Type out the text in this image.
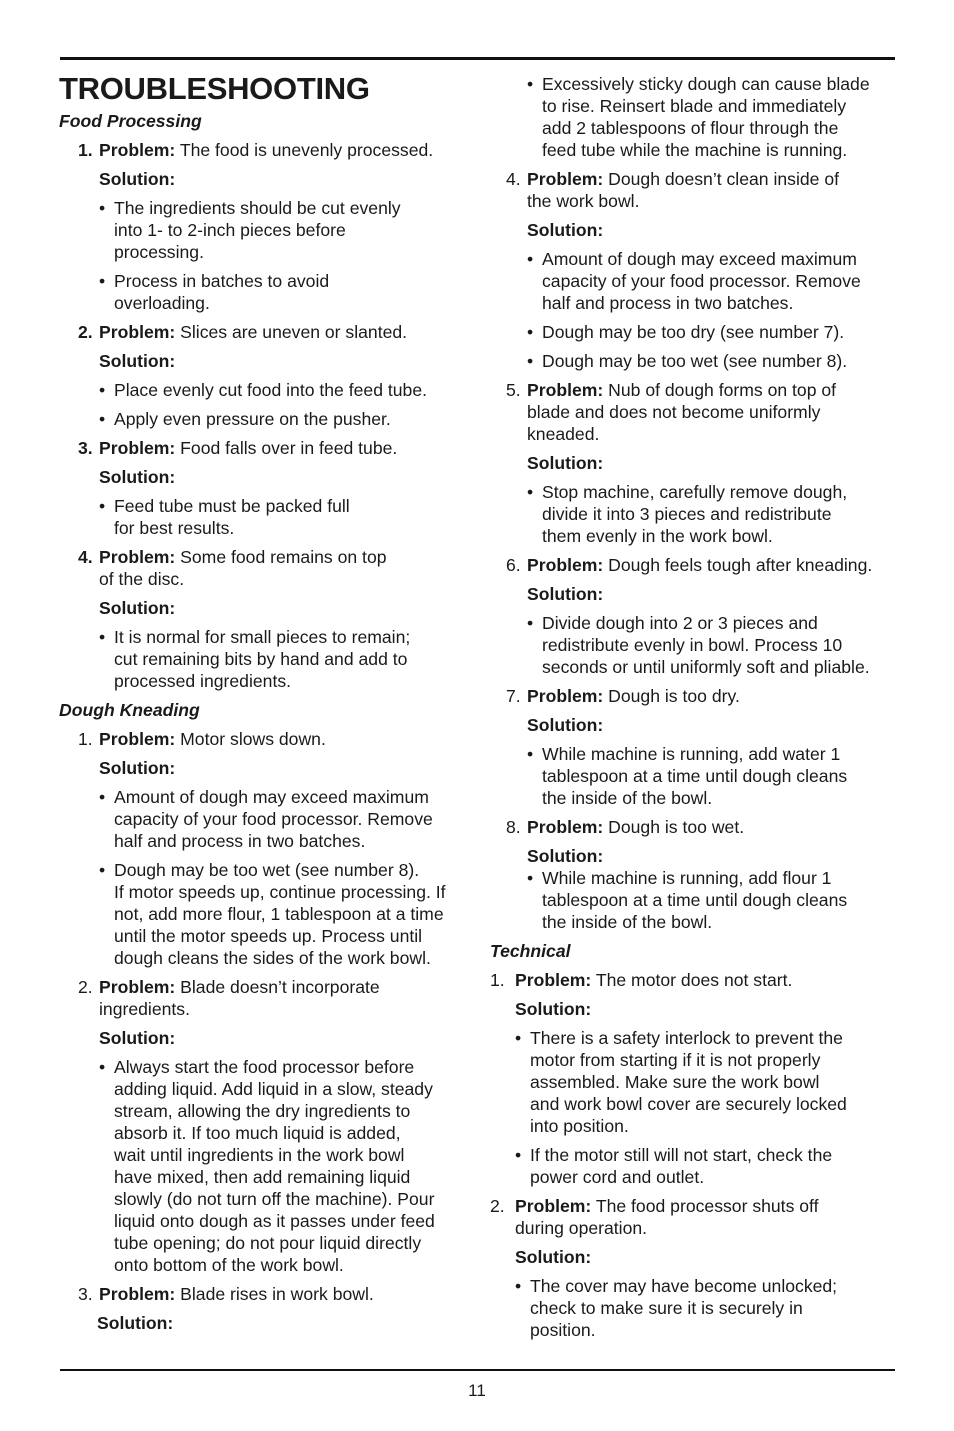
TROUBLESHOOTING
Food Processing
1. Problem: The food is unevenly processed.
Solution:
• The ingredients should be cut evenly
into 1- to 2-inch pieces before
processing.
• Process in batches to avoid
overloading.
2. Problem: Slices are uneven or slanted.
Solution:
• Place evenly cut food into the feed tube.
• Apply even pressure on the pusher.
3. Problem: Food falls over in feed tube.
Solution:
• Feed tube must be packed full
for best results.
4. Problem: Some food remains on top
of the disc.
Solution:
• It is normal for small pieces to remain;
cut remaining bits by hand and add to
processed ingredients.
Dough Kneading
1. Problem: Motor slows down.
Solution:
• Amount of dough may exceed maximum
capacity of your food processor. Remove
half and process in two batches.
• Dough may be too wet (see number 8).
If motor speeds up, continue processing. If
not, add more flour, 1 tablespoon at a time
until the motor speeds up. Process until
dough cleans the sides of the work bowl.
2. Problem: Blade doesn’t incorporate
ingredients.
Solution:
• Always start the food processor before
adding liquid. Add liquid in a slow, steady
stream, allowing the dry ingredients to
absorb it. If too much liquid is added,
wait until ingredients in the work bowl
have mixed, then add remaining liquid
slowly (do not turn off the machine). Pour
liquid onto dough as it passes under feed
tube opening; do not pour liquid directly
onto bottom of the work bowl.
3. Problem: Blade rises in work bowl.
Solution:
• Excessively sticky dough can cause blade
to rise. Reinsert blade and immediately
add 2 tablespoons of flour through the
feed tube while the machine is running.
4. Problem: Dough doesn’t clean inside of
the work bowl.
Solution:
• Amount of dough may exceed maximum
capacity of your food processor. Remove
half and process in two batches.
• Dough may be too dry (see number 7).
• Dough may be too wet (see number 8).
5. Problem: Nub of dough forms on top of
blade and does not become uniformly
kneaded.
Solution:
• Stop machine, carefully remove dough,
divide it into 3 pieces and redistribute
them evenly in the work bowl.
6. Problem: Dough feels tough after kneading.
Solution:
• Divide dough into 2 or 3 pieces and
redistribute evenly in bowl. Process 10
seconds or until uniformly soft and pliable.
7. Problem: Dough is too dry.
Solution:
• While machine is running, add water 1
tablespoon at a time until dough cleans
the inside of the bowl.
8. Problem: Dough is too wet.
Solution:
• While machine is running, add flour 1
tablespoon at a time until dough cleans
the inside of the bowl.
Technical
1. Problem: The motor does not start.
Solution:
• There is a safety interlock to prevent the
motor from starting if it is not properly
assembled. Make sure the work bowl
and work bowl cover are securely locked
into position.
• If the motor still will not start, check the
power cord and outlet.
2. Problem: The food processor shuts off
during operation.
Solution:
• The cover may have become unlocked;
check to make sure it is securely in
position.
11
